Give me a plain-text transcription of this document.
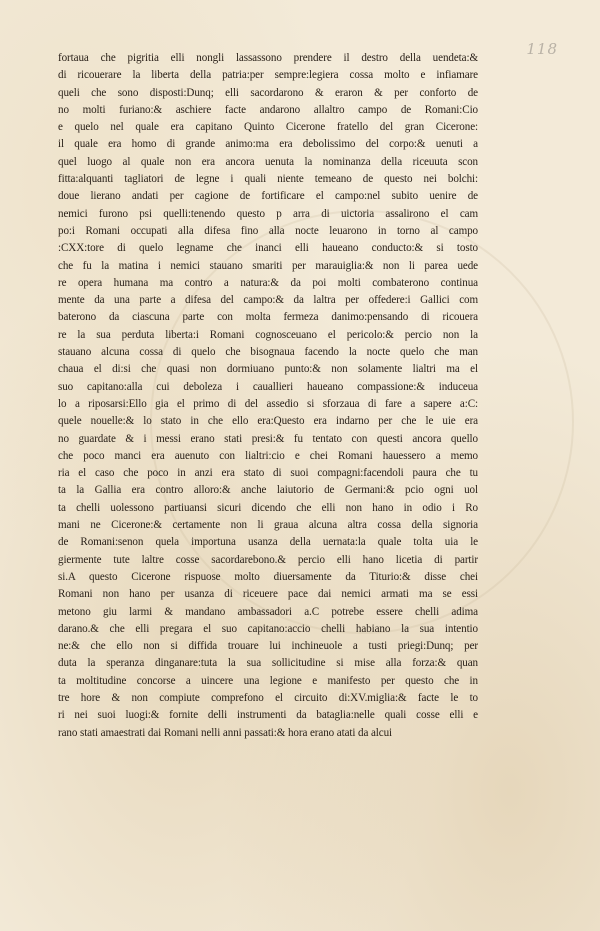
118
fortaua che pigritia elli nongli lassassono prendere il destro della uendeta:&
di ricouerare la liberta della patria:per sempre:legiera cossa molto e infiamare
queli che sono disposti:Dunq; elli sacordarono & eraron & per conforto de
no molti furiano:& aschiere facte andarono allaltro campo de Romani:Cio
e quelo nel quale era capitano Quinto Cicerone fratello del gran Cicerone:
il quale era homo di grande animo:ma era debolissimo del corpo:& uenuti a
quel luogo al quale non era ancora uenuta la nominanza della riceuuta scon
fitta:alquanti tagliatori de legne i quali niente temeano de questo nei bolchi:
doue lierano andati per cagione de fortificare el campo:nel subito uenire de
nemici furono psi quelli:tenendo questo p arra di uictoria assalirono el cam
po:i Romani occupati alla difesa fino alla nocte leuarono in torno al campo
:CXX:tore di quelo legname che inanci elli haueano conducto:& si tosto
che fu la matina i nemici stauano smariti per marauiglia:& non li parea uede
re opera humana ma contro a natura:& da poi molti combaterono continua
mente da una parte a difesa del campo:& da laltra per offedere:i Gallici com
baterono da ciascuna parte con molta fermeza danimo:pensando di ricouera
re la sua perduta liberta:i Romani cognosceuano el pericolo:& percio non la
stauano alcuna cossa di quelo che bisognaua facendo la nocte quelo che man
chaua el di:si che quasi non dormiuano punto:& non solamente lialtri ma el
suo capitano:alla cui deboleza i cauallieri haueano compassione:& induceua
lo a riposarsi:Ello gia el primo di del assedio si sforzaua di fare a sapere a:C:
quele nouelle:& lo stato in che ello era:Questo era indarno per che le uie era
no guardate & i messi erano stati presi:& fu tentato con questi ancora quello
che poco manci era auenuto con lialtri:cio e chei Romani hauessero a memo
ria el caso che poco in anzi era stato di suoi compagni:facendoli paura che tu
ta la Gallia era contro alloro:& anche laiutorio de Germani:& pcio ogni uol
ta chelli uolessono partiuansi sicuri dicendo che elli non hano in odio i Ro
mani ne Cicerone:& certamente non li graua alcuna altra cossa della signoria
de Romani:senon quela importuna usanza della uernata:la quale tolta uia le
giermente tute laltre cosse sacordarebono.& percio elli hano licetia di partir
si.A questo Cicerone rispuose molto diuersamente da Titurio:& disse chei
Romani non hano per usanza di riceuere pace dai nemici armati ma se essi
metono giu larmi & mandano ambassadori a.C potrebe essere chelli adima
darano.& che elli pregara el suo capitano:accio chelli habiano la sua intentio
ne:& che ello non si diffida trouare lui inchineuole a tusti priegi:Dunq; per
duta la speranza dinganare:tuta la sua sollicitudine si mise alla forza:& quan
ta moltitudine concorse a uincere una legione e manifesto per questo che in
tre hore & non compiute comprefono el circuito di:XV.miglia:& facte le to
ri nei suoi luogi:& fornite delli instrumenti da bataglia:nelle quali cosse elli e
rano stati amaestrati dai Romani nelli anni passati:& hora erano atati da alcui
